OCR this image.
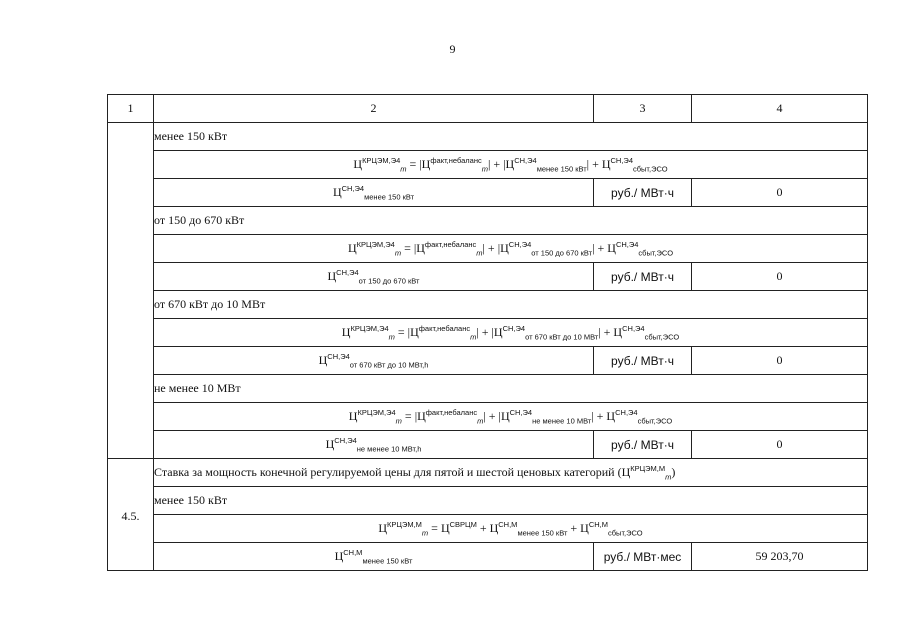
9
1	2	3	4
	менее 150 кВт		
	$Ц^{КРЦЭМ,Э4}_m = |Ц^{факт,небаланс}_m| + |Ц^{СН,Э4}_{менее 150 кВт}| + Ц^{СН,Э4}_{сбыт,ЭСО}$
	$Ц^{СН,Э4}_{менее 150 кВт}$	руб./ МВт·ч	0
	от 150 до 670 кВт		
	$Ц^{КРЦЭМ,Э4}_m = |Ц^{факт,небаланс}_m| + |Ц^{СН,Э4}_{от 150 до 670 кВт}| + Ц^{СН,Э4}_{сбыт,ЭСО}$
	$Ц^{СН,Э4}_{от 150 до 670 кВт}$	руб./ МВт·ч	0
	от 670 кВт до 10 МВт		
	$Ц^{КРЦЭМ,Э4}_m = |Ц^{факт,небаланс}_m| + |Ц^{СН,Э4}_{от 670 кВт до 10 МВт}| + Ц^{СН,Э4}_{сбыт,ЭСО}$
	$Ц^{СН,Э4}_{от 670 кВт до 10 МВт,h}$	руб./ МВт·ч	0
	не менее 10 МВт		
	$Ц^{КРЦЭМ,Э4}_m = |Ц^{факт,небаланс}_m| + |Ц^{СН,Э4}_{не менее 10 МВт}| + Ц^{СН,Э4}_{сбыт,ЭСО}$
	$Ц^{СН,Э4}_{не менее 10 МВт,h}$	руб./ МВт·ч	0
4.5.	Ставка за мощность конечной регулируемой цены для пятой и шестой ценовых категорий $(Ц^{КРЦЭМ,М}_m)$		
	менее 150 кВт		
	$Ц^{КРЦЭМ,М}_m = Ц^{СВРЦМ} + Ц^{СН,М}_{менее 150 кВт} + Ц^{СН,М}_{сбыт,ЭСО}$
	$Ц^{СН,М}_{менее 150 кВт}$	руб./ МВт·мес	59 203,70
